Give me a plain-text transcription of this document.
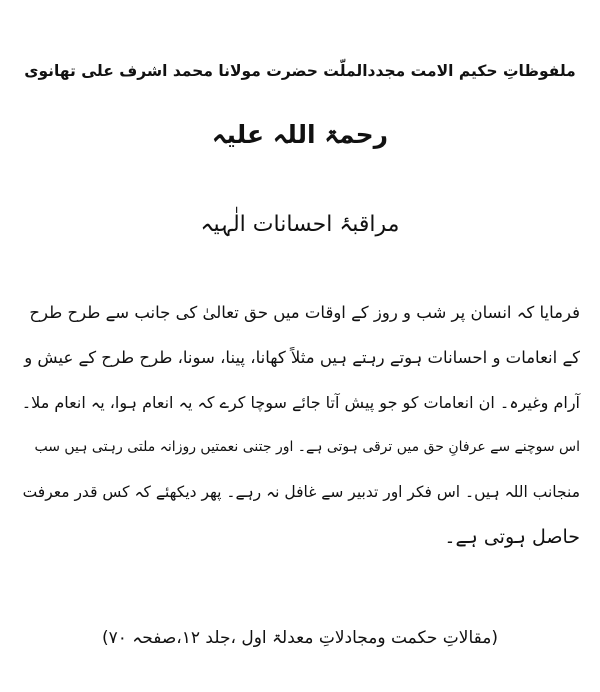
ملفوظاتِ حکیم الامت مجددالملّت حضرت مولانا محمد اشرف علی تھانوی
رحمۃ اللہ علیہ
مراقبۂ احسانات الٰہیہ
فرمایا کہ انسان پر شب و روز کے اوقات میں حق تعالیٰ کی جانب سے طرح طرح
کے انعامات و احسانات ہوتے رہتے ہیں مثلاً کھانا، پینا، سونا، طرح طرح کے عیش و
آرام وغیرہ۔ ان انعامات کو جو پیش آتا جائے سوچا کرے کہ یہ انعام ہوا، یہ انعام ملا۔
اس سوچنے سے عرفانِ حق میں ترقی ہوتی ہے۔ اور جتنی نعمتیں روزانہ ملتی رہتی ہیں سب
منجانب اللہ ہیں۔ اس فکر اور تدبیر سے غافل نہ رہے۔ پھر دیکھئے کہ کس قدر معرفت
حاصل ہوتی ہے۔
(مقالاتِ حکمت ومجادلاتِ معدلۃ اول ،جلد ۱۲،صفحہ ۷۰)
